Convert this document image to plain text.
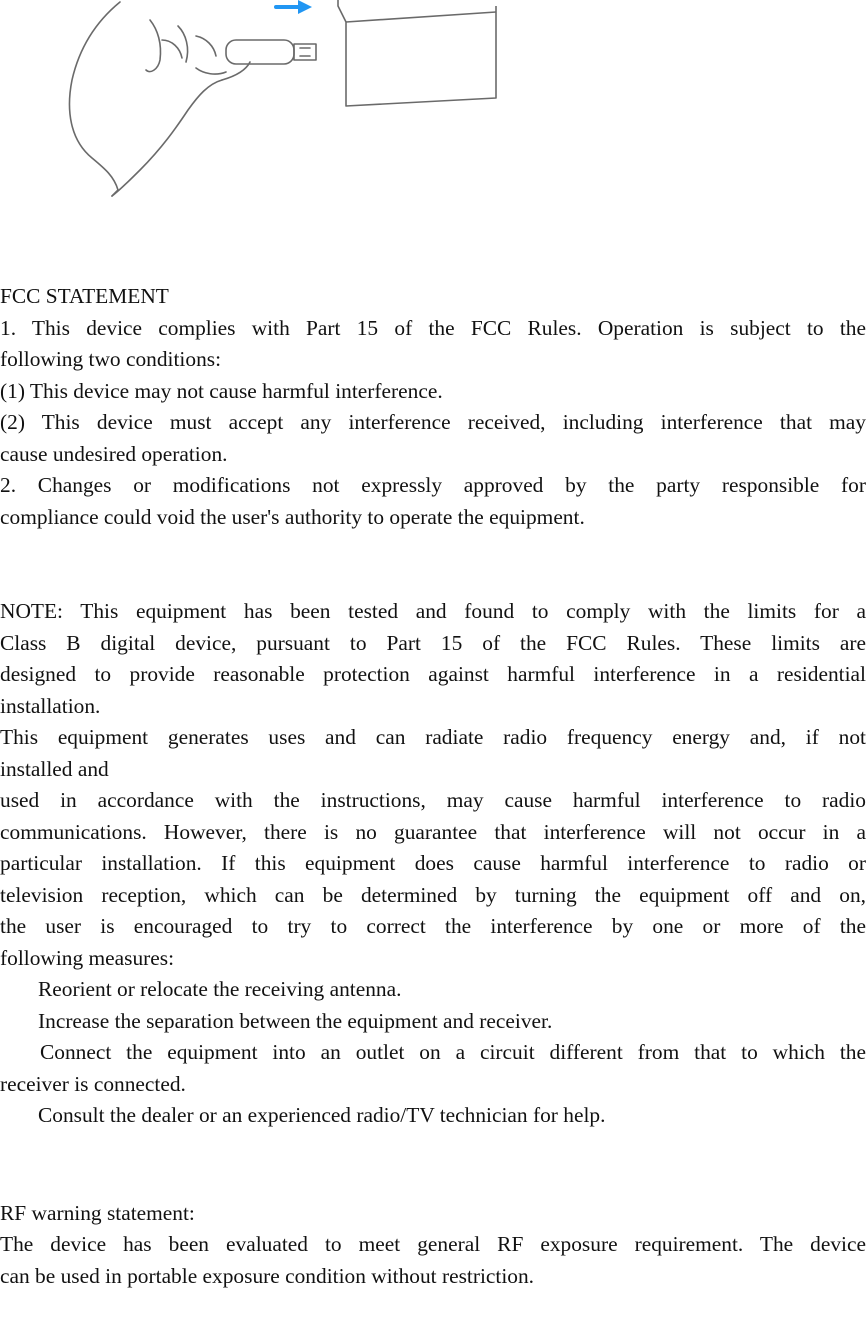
FCC STATEMENT

1. This device complies with Part 15 of the FCC Rules. Operation is subject to the

following two conditions:

(1) This device may not cause harmful interference.

(2) This device must accept any interference received, including interference that may

cause undesired operation.

2. Changes or modifications not expressly approved by the party responsible for

compliance could void the user's authority to operate the equipment.

NOTE: This equipment has been tested and found to comply with the limits for a

Class B digital device, pursuant to Part 15 of the FCC Rules. These limits are

designed to provide reasonable protection against harmful interference in a residential

installation.

This equipment generates uses and can radiate radio frequency energy and, if not

installed and

used in accordance with the instructions, may cause harmful interference to radio

communications. However, there is no guarantee that interference will not occur in a

particular installation. If this equipment does cause harmful interference to radio or

television reception, which can be determined by turning the equipment off and on,

the user is encouraged to try to correct the interference by one or more of the

following measures:

Reorient or relocate the receiving antenna.

Increase the separation between the equipment and receiver.

Connect the equipment into an outlet on a circuit different from that to which the

receiver is connected.

Consult the dealer or an experienced radio/TV technician for help.

RF warning statement:

The device has been evaluated to meet general RF exposure requirement. The device

can be used in portable exposure condition without restriction.
